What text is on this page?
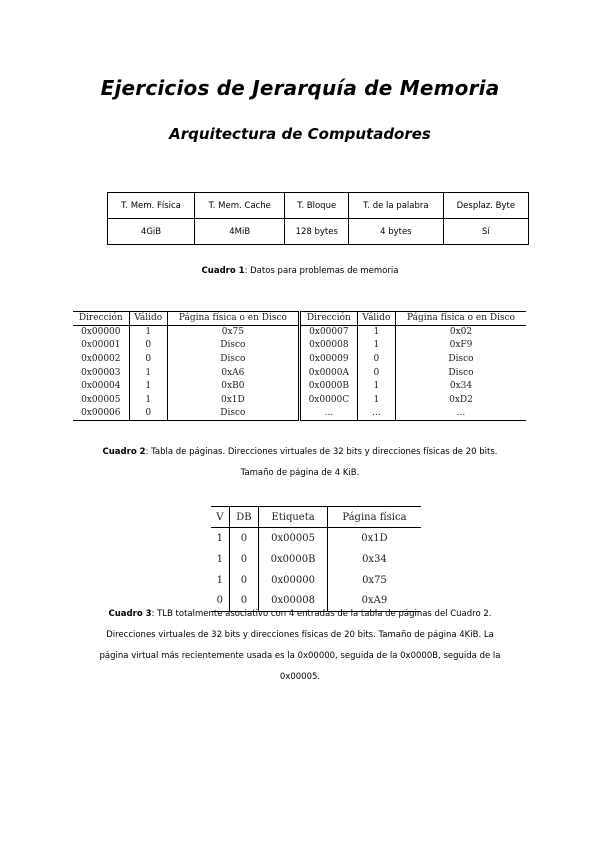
Ejercicios de Jerarquía de Memoria
Arquitectura de Computadores
T. Mem. Física	T. Mem. Cache	T. Bloque	T. de la palabra	Desplaz. Byte
4GiB	4MiB	128 bytes	4 bytes	Sí
Cuadro 1: Datos para problemas de memoria
Dirección	Válido	Página física o en Disco	Dirección	Válido	Página física o en Disco
0x00000	1	0x75	0x00007	1	0x02
0x00001	0	Disco	0x00008	1	0xF9
0x00002	0	Disco	0x00009	0	Disco
0x00003	1	0xA6	0x0000A	0	Disco
0x00004	1	0xB0	0x0000B	1	0x34
0x00005	1	0x1D	0x0000C	1	0xD2
0x00006	0	Disco	...	...	...
Cuadro 2: Tabla de páginas. Direcciones virtuales de 32 bits y direcciones físicas de 20 bits.
Tamaño de página de 4 KiB.
V	DB	Etiqueta	Página física
1	0	0x00005	0x1D
1	0	0x0000B	0x34
1	0	0x00000	0x75
0	0	0x00008	0xA9
Cuadro 3: TLB totalmente asociativo con 4 entradas de la tabla de páginas del Cuadro 2.
Direcciones virtuales de 32 bits y direcciones físicas de 20 bits. Tamaño de página 4KiB. La
página virtual más recientemente usada es la 0x00000, seguida de la 0x0000B, seguida de la
0x00005.
